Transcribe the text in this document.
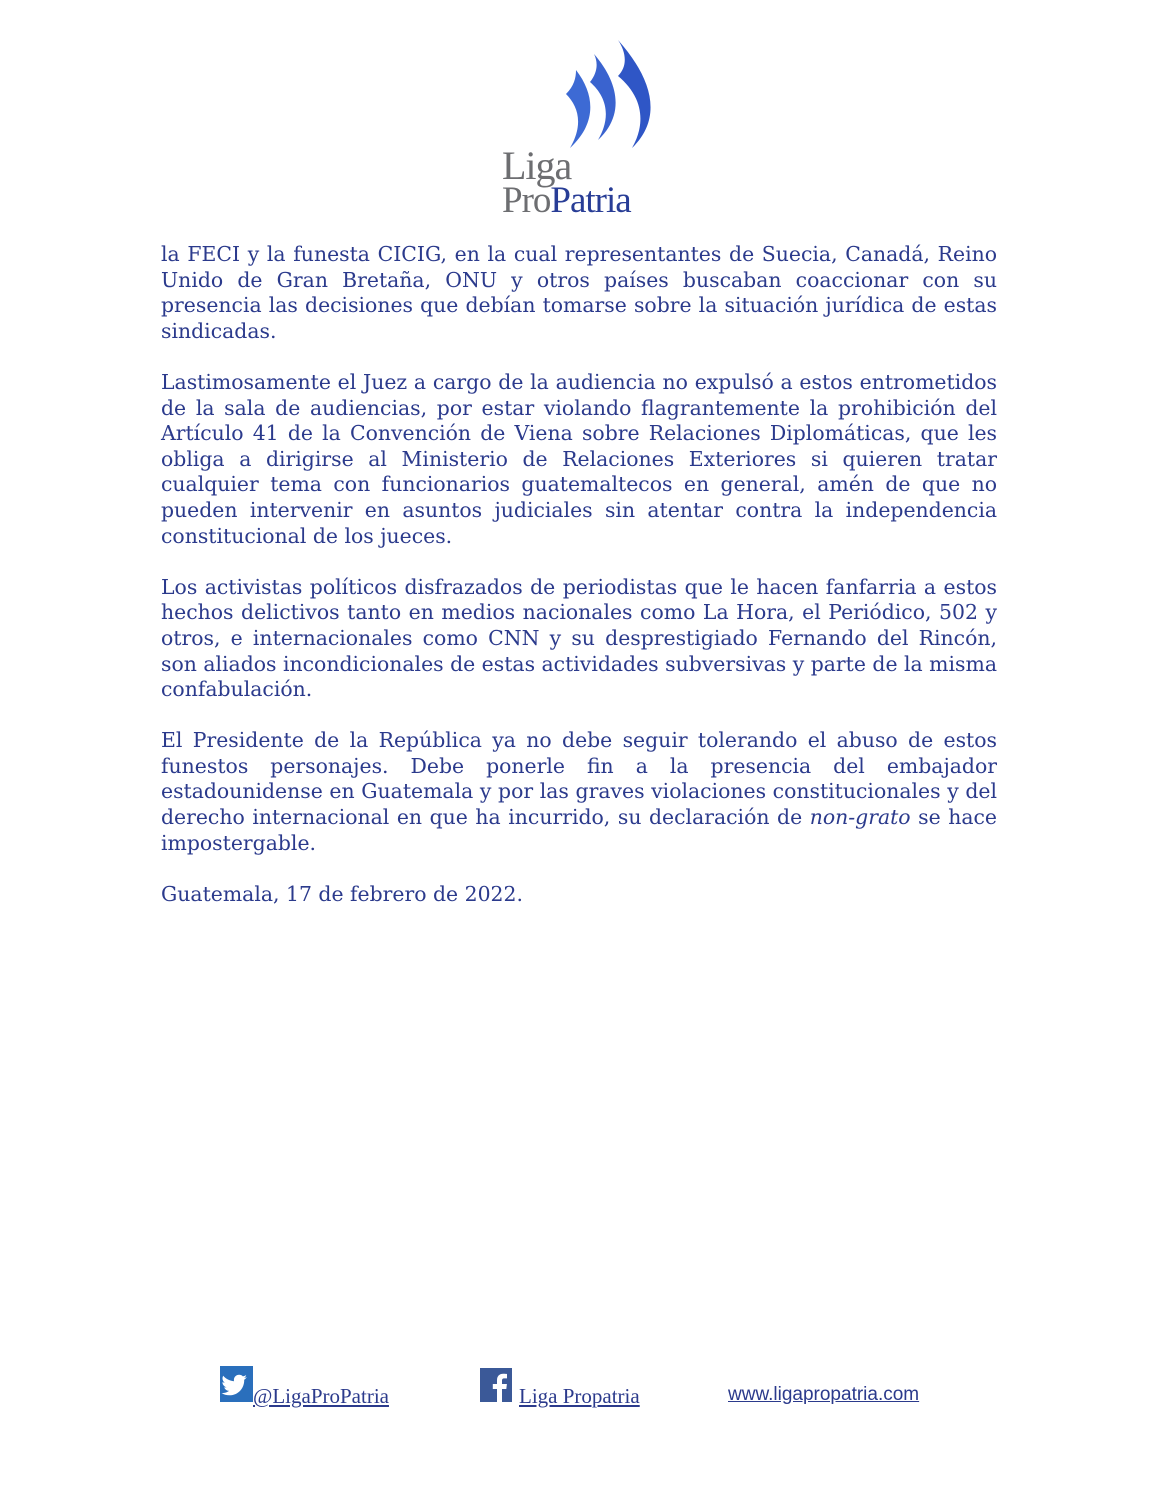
Liga
ProPatria

la FECI y la funesta CICIG, en la cual representantes de Suecia, Canadá, Reino Unido de Gran Bretaña, ONU y otros países buscaban coaccionar con su presencia las decisiones que debían tomarse sobre la situación jurídica de estas sindicadas.

Lastimosamente el Juez a cargo de la audiencia no expulsó a estos entrometidos de la sala de audiencias, por estar violando flagrantemente la prohibición del Artículo 41 de la Convención de Viena sobre Relaciones Diplomáticas, que les obliga a dirigirse al Ministerio de Relaciones Exteriores si quieren tratar cualquier tema con funcionarios guatemaltecos en general, amén de que no pueden intervenir en asuntos judiciales sin atentar contra la independencia constitucional de los jueces.

Los activistas políticos disfrazados de periodistas que le hacen fanfarria a estos hechos delictivos tanto en medios nacionales como La Hora, el Periódico, 502 y otros, e internacionales como CNN y su desprestigiado Fernando del Rincón, son aliados incondicionales de estas actividades subversivas y parte de la misma confabulación.

El Presidente de la República ya no debe seguir tolerando el abuso de estos funestos personajes. Debe ponerle fin a la presencia del embajador estadounidense en Guatemala y por las graves violaciones constitucionales y del derecho internacional en que ha incurrido, su declaración de non-grato se hace impostergable.

Guatemala, 17 de febrero de 2022.

@LigaProPatria	Liga Propatria	www.ligapropatria.com
